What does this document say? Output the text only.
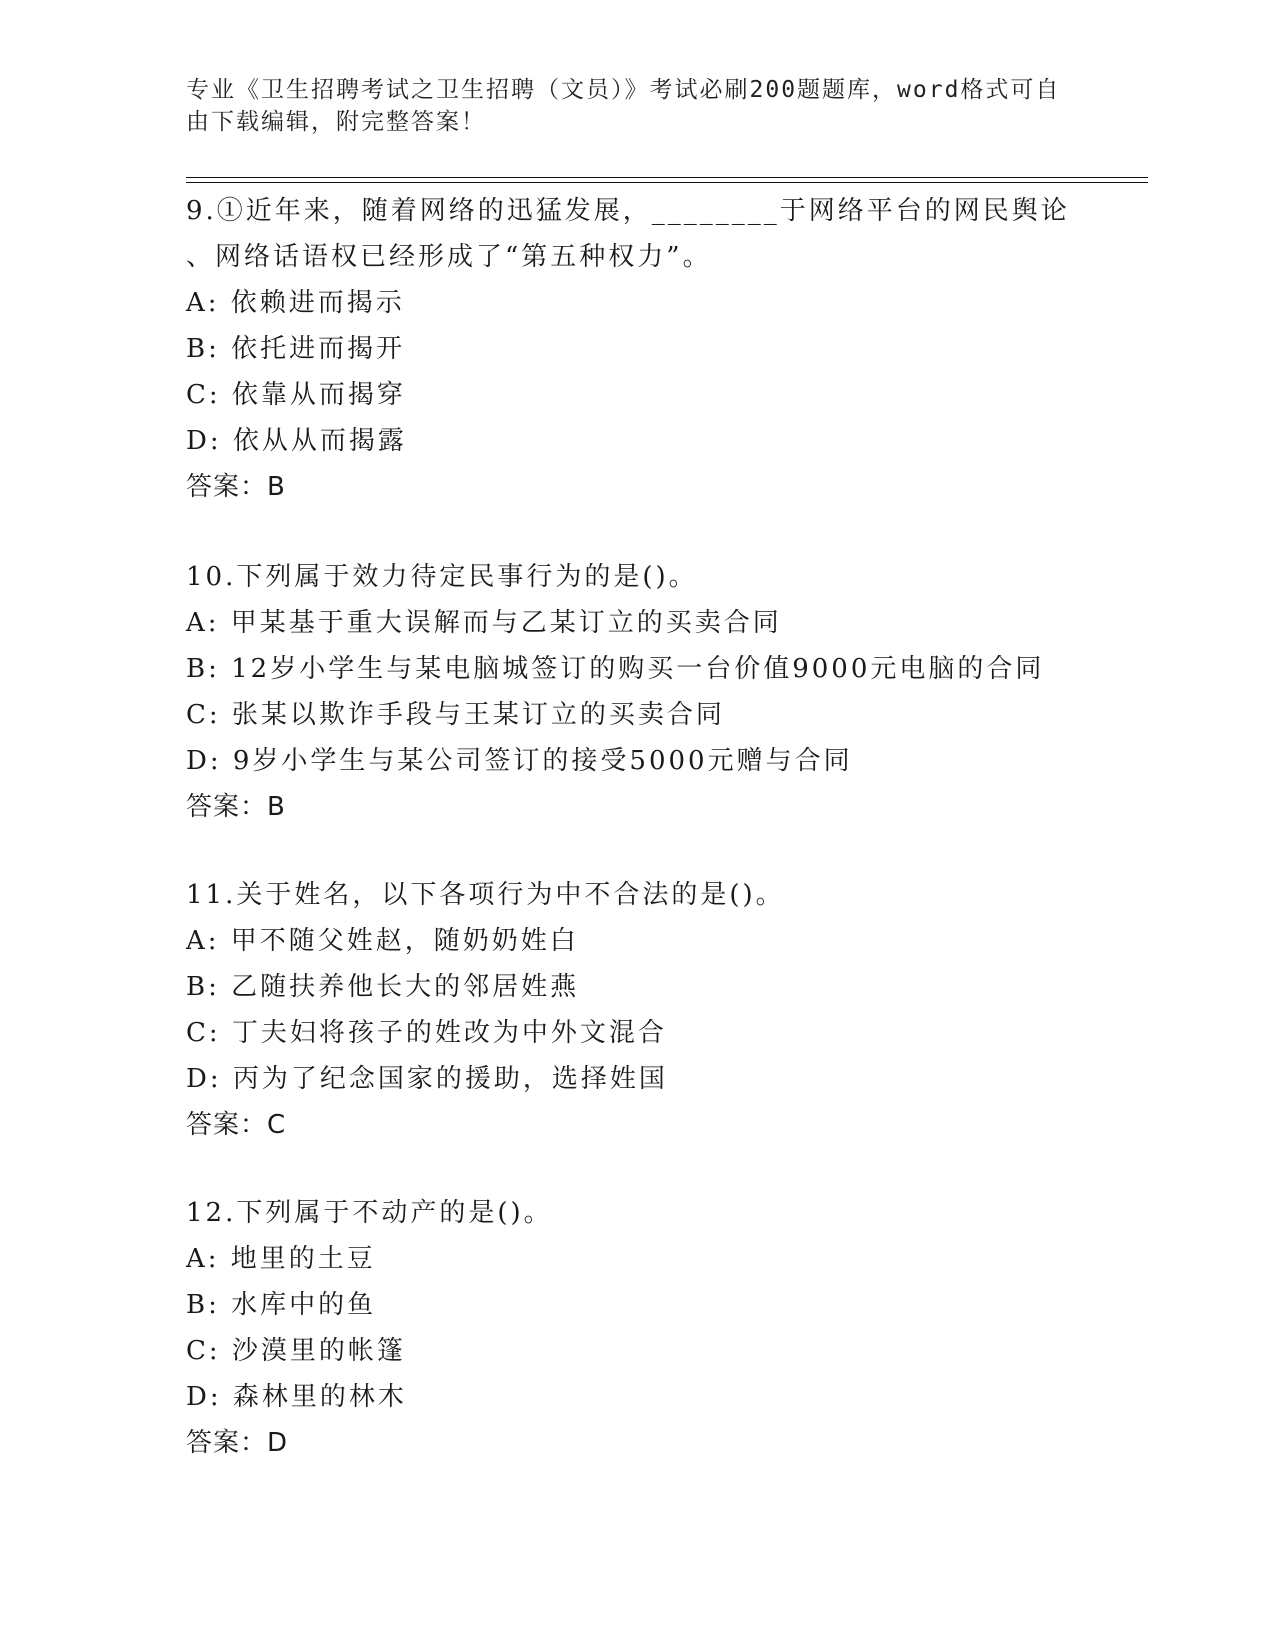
专业《卫生招聘考试之卫生招聘（文员）》考试必刷200题题库，word格式可自
由下载编辑，附完整答案！
9.①近年来，随着网络的迅猛发展，________于网络平台的网民舆论
、网络话语权已经形成了“第五种权力”。
A: 依赖进而揭示
B: 依托进而揭开
C: 依靠从而揭穿
D: 依从从而揭露
答案：B
10.下列属于效力待定民事行为的是()。
A: 甲某基于重大误解而与乙某订立的买卖合同
B: 12岁小学生与某电脑城签订的购买一台价值9000元电脑的合同
C: 张某以欺诈手段与王某订立的买卖合同
D: 9岁小学生与某公司签订的接受5000元赠与合同
答案：B
11.关于姓名，以下各项行为中不合法的是()。
A: 甲不随父姓赵，随奶奶姓白
B: 乙随扶养他长大的邻居姓燕
C: 丁夫妇将孩子的姓改为中外文混合
D: 丙为了纪念国家的援助，选择姓国
答案：C
12.下列属于不动产的是()。
A: 地里的土豆
B: 水库中的鱼
C: 沙漠里的帐篷
D: 森林里的林木
答案：D
